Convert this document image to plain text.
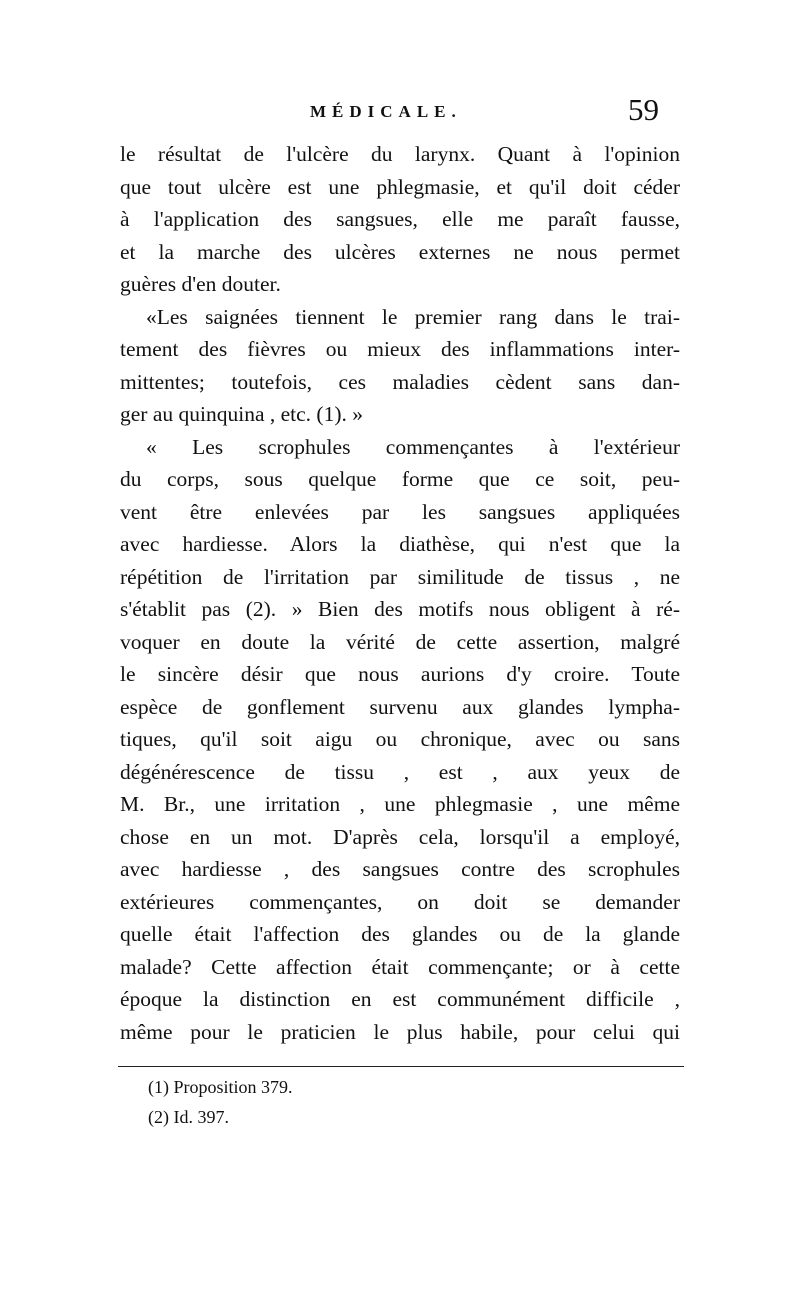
MÉDICALE.	59
le résultat de l'ulcère du larynx. Quant à l'opinion
que tout ulcère est une phlegmasie, et qu'il doit céder
à l'application des sangsues, elle me paraît fausse,
et la marche des ulcères externes ne nous permet
guères d'en douter.
«Les saignées tiennent le premier rang dans le trai-
tement des fièvres ou mieux des inflammations inter-
mittentes; toutefois, ces maladies cèdent sans dan-
ger au quinquina , etc. (1). »
« Les scrophules commençantes à l'extérieur
du corps, sous quelque forme que ce soit, peu-
vent être enlevées par les sangsues appliquées
avec hardiesse. Alors la diathèse, qui n'est que la
répétition de l'irritation par similitude de tissus , ne
s'établit pas (2). » Bien des motifs nous obligent à ré-
voquer en doute la vérité de cette assertion, malgré
le sincère désir que nous aurions d'y croire. Toute
espèce de gonflement survenu aux glandes lympha-
tiques, qu'il soit aigu ou chronique, avec ou sans
dégénérescence de tissu , est , aux yeux de
M. Br., une irritation , une phlegmasie , une même
chose en un mot. D'après cela, lorsqu'il a employé,
avec hardiesse , des sangsues contre des scrophules
extérieures commençantes, on doit se demander
quelle était l'affection des glandes ou de la glande
malade? Cette affection était commençante; or à cette
époque la distinction en est communément difficile ,
même pour le praticien le plus habile, pour celui qui
(1) Proposition 379.
(2) Id. 397.
